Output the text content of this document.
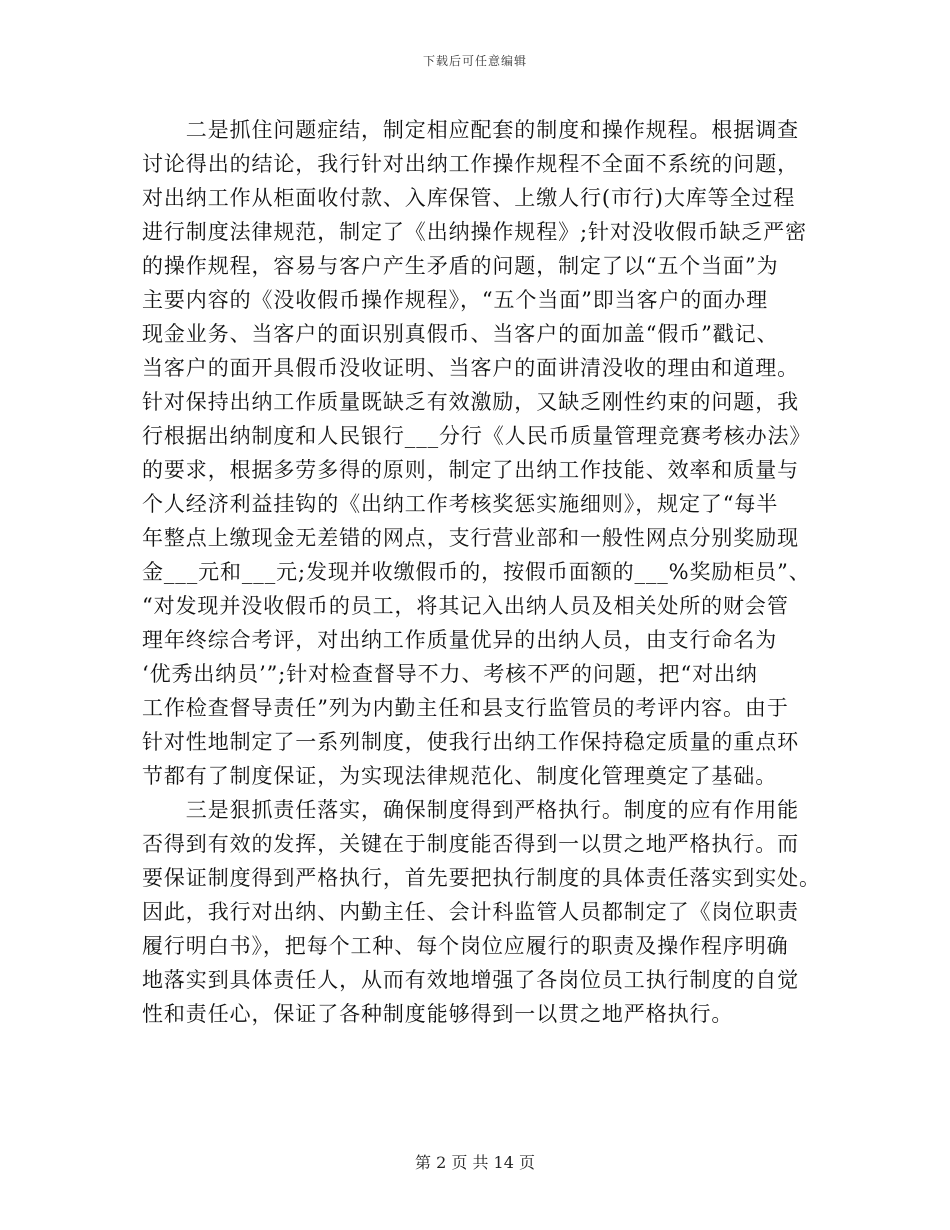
下载后可任意编辑
　　二是抓住问题症结，制定相应配套的制度和操作规程。根据调查
讨论得出的结论，我行针对出纳工作操作规程不全面不系统的问题，
对出纳工作从柜面收付款、入库保管、上缴人行(市行)大库等全过程
进行制度法律规范，制定了《出纳操作规程》;针对没收假币缺乏严密
的操作规程，容易与客户产生矛盾的问题，制定了以“五个当面”为
主要内容的《没收假币操作规程》，“五个当面”即当客户的面办理
现金业务、当客户的面识别真假币、当客户的面加盖“假币”戳记、
当客户的面开具假币没收证明、当客户的面讲清没收的理由和道理。
针对保持出纳工作质量既缺乏有效激励，又缺乏刚性约束的问题，我
行根据出纳制度和人民银行___分行《人民币质量管理竞赛考核办法》
的要求，根据多劳多得的原则，制定了出纳工作技能、效率和质量与
个人经济利益挂钩的《出纳工作考核奖惩实施细则》，规定了“每半
年整点上缴现金无差错的网点，支行营业部和一般性网点分别奖励现
金___元和___元;发现并收缴假币的，按假币面额的___%奖励柜员”、
“对发现并没收假币的员工，将其记入出纳人员及相关处所的财会管
理年终综合考评，对出纳工作质量优异的出纳人员，由支行命名为
‘优秀出纳员’”;针对检查督导不力、考核不严的问题，把“对出纳
工作检查督导责任”列为内勤主任和县支行监管员的考评内容。由于
针对性地制定了一系列制度，使我行出纳工作保持稳定质量的重点环
节都有了制度保证，为实现法律规范化、制度化管理奠定了基础。
　　三是狠抓责任落实，确保制度得到严格执行。制度的应有作用能
否得到有效的发挥，关键在于制度能否得到一以贯之地严格执行。而
要保证制度得到严格执行，首先要把执行制度的具体责任落实到实处。
因此，我行对出纳、内勤主任、会计科监管人员都制定了《岗位职责
履行明白书》，把每个工种、每个岗位应履行的职责及操作程序明确
地落实到具体责任人，从而有效地增强了各岗位员工执行制度的自觉
性和责任心，保证了各种制度能够得到一以贯之地严格执行。
第 2 页 共 14 页
